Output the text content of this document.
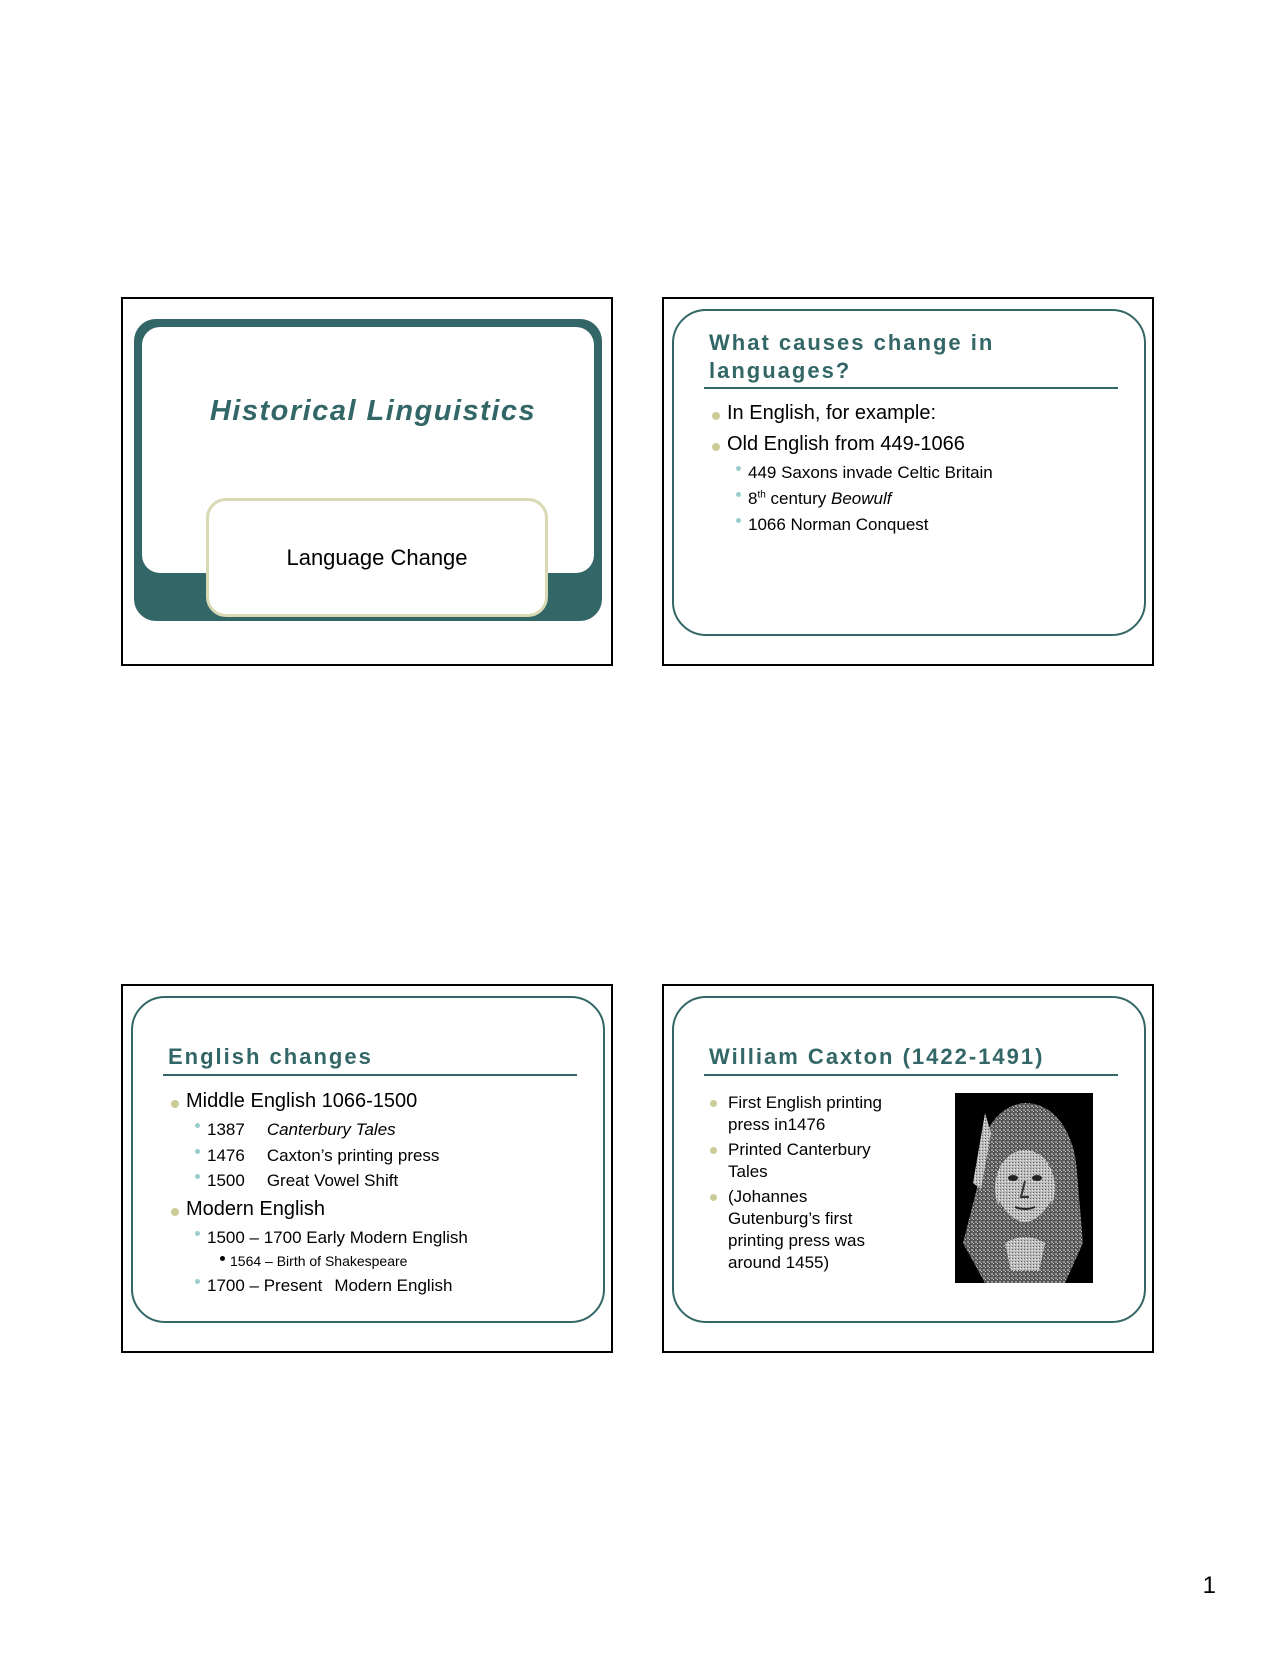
Historical Linguistics
Language Change
What causes change in
languages?
In English, for example:
Old English from 449-1066
449 Saxons invade Celtic Britain
8th century Beowulf
1066 Norman Conquest
English changes
Middle English 1066-1500
1387 Canterbury Tales
1476 Caxton’s printing press
1500 Great Vowel Shift
Modern English
1500 – 1700 Early Modern English
1564 – Birth of Shakespeare
1700 – Present Modern English
William Caxton (1422-1491)
First English printing
press in1476
Printed Canterbury
Tales
(Johannes
Gutenburg’s first
printing press was
around 1455)
1
